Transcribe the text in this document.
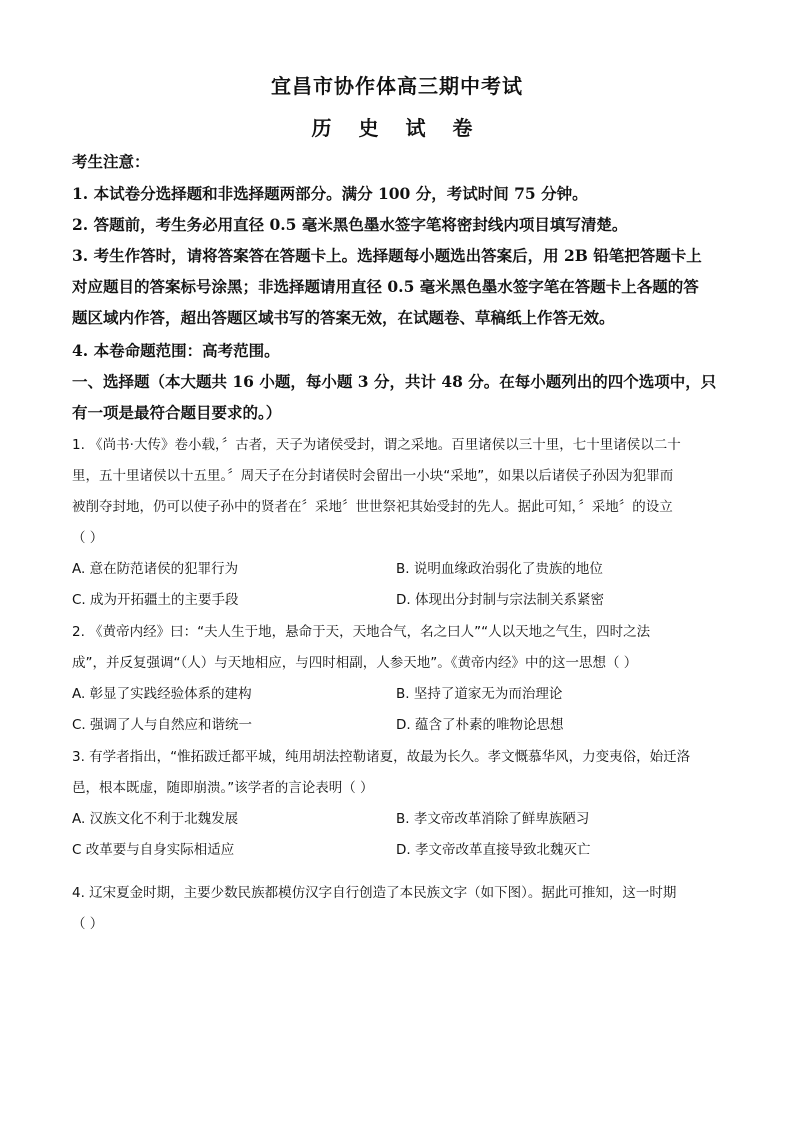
宜昌市协作体高三期中考试
历 史 试 卷
考生注意：
1. 本试卷分选择题和非选择题两部分。满分 100 分，考试时间 75 分钟。
2. 答题前，考生务必用直径 0.5 毫米黑色墨水签字笔将密封线内项目填写清楚。
3. 考生作答时，请将答案答在答题卡上。选择题每小题选出答案后，用 2B 铅笔把答题卡上
对应题目的答案标号涂黑；非选择题请用直径 0.5 毫米黑色墨水签字笔在答题卡上各题的答
题区域内作答，超出答题区域书写的答案无效，在试题卷、草稿纸上作答无效。
4. 本卷命题范围：高考范围。
一、选择题（本大题共 16 小题，每小题 3 分，共计 48 分。在每小题列出的四个选项中，只
有一项是最符合题目要求的。）
1. 《尚书·大传》卷小载，〞古者，天子为诸侯受封，谓之采地。百里诸侯以三十里，七十里诸侯以二十
里，五十里诸侯以十五里。〞周天子在分封诸侯时会留出一小块“采地”，如果以后诸侯子孙因为犯罪而
被削夺封地，仍可以使子孙中的贤者在〞采地〞世世祭祀其始受封的先人。据此可知，〞采地〞的设立
（ ）
A. 意在防范诸侯的犯罪行为	B. 说明血缘政治弱化了贵族的地位
C. 成为开拓疆土的主要手段	D. 体现出分封制与宗法制关系紧密
2. 《黄帝内经》曰：“夫人生于地，悬命于天，天地合气，名之曰人”“人以天地之气生，四时之法
成”，并反复强调“（人）与天地相应，与四时相副，人参天地”。《黄帝内经》中的这一思想（ ）
A. 彰显了实践经验体系的建构	B. 坚持了道家无为而治理论
C. 强调了人与自然应和谐统一	D. 蕴含了朴素的唯物论思想
3. 有学者指出，“惟拓跋迁都平城，纯用胡法控勒诸夏，故最为长久。孝文慨慕华风，力变夷俗，始迁洛
邑，根本既虚，随即崩溃。”该学者的言论表明（ ）
A. 汉族文化不利于北魏发展	B. 孝文帝改革消除了鲜卑族陋习
C 改革要与自身实际相适应	D. 孝文帝改革直接导致北魏灭亡
4. 辽宋夏金时期，主要少数民族都模仿汉字自行创造了本民族文字（如下图）。据此可推知，这一时期
（ ）
